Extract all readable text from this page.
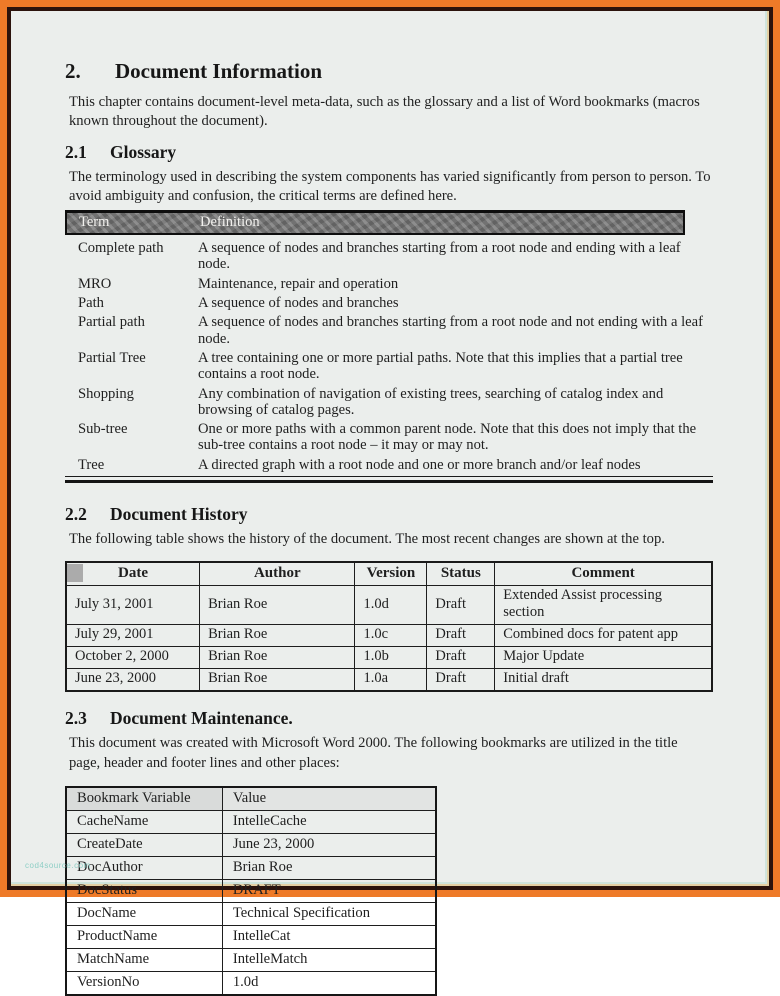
2.	Document Information

This chapter contains document-level meta-data, such as the glossary and a list of Word bookmarks (macros known throughout the document).

2.1	Glossary

The terminology used in describing the system components has varied significantly from person to person. To avoid ambiguity and confusion, the critical terms are defined here.

Term	Definition
Complete path	A sequence of nodes and branches starting from a root node and ending with a leaf node.
MRO	Maintenance, repair and operation
Path	A sequence of nodes and branches
Partial path	A sequence of nodes and branches starting from a root node and not ending with a leaf node.
Partial Tree	A tree containing one or more partial paths. Note that this implies that a partial tree contains a root node.
Shopping	Any combination of navigation of existing trees, searching of catalog index and browsing of catalog pages.
Sub-tree	One or more paths with a common parent node. Note that this does not imply that the sub-tree contains a root node – it may or may not.
Tree	A directed graph with a root node and one or more branch and/or leaf nodes
2.2	Document History

The following table shows the history of the document. The most recent changes are shown at the top.

Date	Author	Version	Status	Comment
July 31, 2001	Brian Roe	1.0d	Draft	Extended Assist processing section
July 29, 2001	Brian Roe	1.0c	Draft	Combined docs for patent app
October 2, 2000	Brian Roe	1.0b	Draft	Major Update
June 23, 2000	Brian Roe	1.0a	Draft	Initial draft
2.3	Document Maintenance.

This document was created with Microsoft Word 2000. The following bookmarks are utilized in the title page, header and footer lines and other places:

Bookmark Variable	Value
CacheName	IntelleCache
CreateDate	June 23, 2000
DocAuthor	Brian Roe
DocStatus	DRAFT
DocName	Technical Specification
ProductName	IntelleCat
MatchName	IntelleMatch
VersionNo	1.0d
cod4source.com
